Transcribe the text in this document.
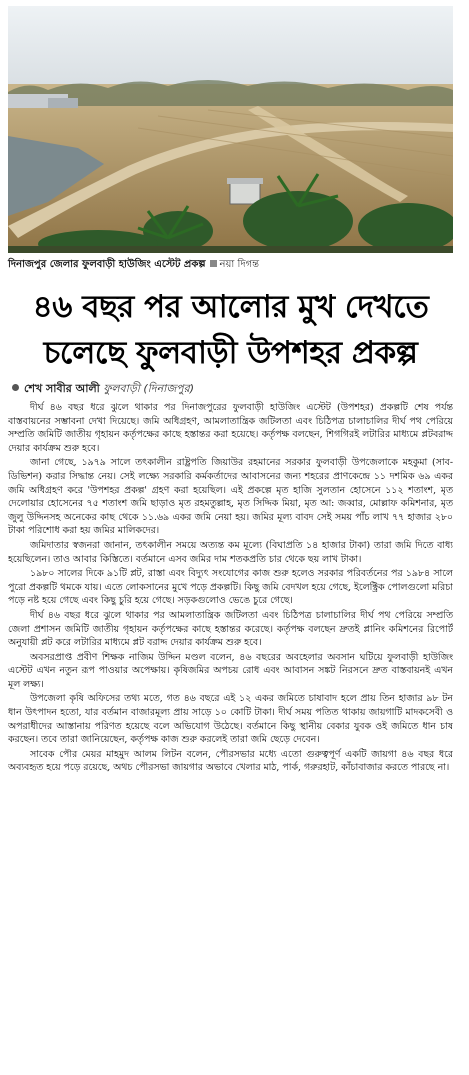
দিনাজপুর জেলার ফুলবাড়ী হাউজিং এস্টেট প্রকল্প নয়া দিগন্ত
৪৬ বছর পর আলোর মুখ দেখতে
চলেছে ফুলবাড়ী উপশহর প্রকল্প
শেখ সাবীর আলী ফুলবাড়ী (দিনাজপুর)

দীর্ঘ ৪৬ বছর ধরে ঝুলে থাকার পর দিনাজপুরের ফুলবাড়ী হাউজিং এস্টেট (উপশহর) প্রকল্পটি শেষ পর্যন্ত বাস্তবায়নের সম্ভাবনা দেখা দিয়েছে। জমি অধিগ্রহণ, আমলাতান্ত্রিক জটিলতা এবং চিঠিপত্র চালাচালির দীর্ঘ পথ পেরিয়ে সম্প্রতি জমিটি জাতীয় গৃহায়ন কর্তৃপক্ষের কাছে হস্তান্তর করা হয়েছে। কর্তৃপক্ষ বলছেন, শিগগিরই লটারির মাধ্যমে প্লটবরাদ্দ দেয়ার কার্যক্রম শুরু হবে।

জানা গেছে, ১৯৭৯ সালে তৎকালীন রাষ্ট্রপতি জিয়াউর রহমানের সরকার ফুলবাড়ী উপজেলাকে মহকুমা (সাব-ডিভিশন) করার সিদ্ধান্ত নেয়। সেই লক্ষ্যে সরকারি কর্মকর্তাদের আবাসনের জন্য শহরের প্রাণকেন্দ্রে ১১ দশমিক ৬৯ একর জমি অধিগ্রহণ করে 'উপশহর প্রকল্প' গ্রহণ করা হয়েছিল। এই প্রকল্পে মৃত হাজি সুলতান হোসেনে ১১২ শতাংশ, মৃত দেলোয়ার হোসেনের ৭৫ শতাংশ জমি ছাড়াও মৃত রহমতুল্লাহ, মৃত সিদ্দিক মিয়া, মৃত আ: জব্বার, মোল্লাফ কমিশনার, মৃত জুলু উদ্দিনসহ অনেকের কাছ থেকে ১১.৬৯ একর জমি নেয়া হয়। জমির মূল্য বাবদ সেই সময় পাঁচ লাখ ৭৭ হাজার ২৮০ টাকা পরিশোধ করা হয় জমির মালিকদের।

জমিদাতার স্বজনরা জানান, তৎকালীন সময়ে অত্যন্ত কম মূল্যে (বিঘাপ্রতি ১৪ হাজার টাকা) তারা জমি দিতে বাধ্য হয়েছিলেন। তাও আবার কিস্তিতে। বর্তমানে এসব জমির দাম শতকপ্রতি চার থেকে ছয় লাখ টাকা।

১৯৮০ সালের দিকে ৯১টি প্লট, রাস্তা এবং বিদ্যুৎ সংযোগের কাজ শুরু হলেও সরকার পরিবর্তনের পর ১৯৮৪ সালে পুরো প্রকল্পটি থমকে যায়। এতে লোকসানের মুখে পড়ে প্রকল্পটি। কিছু জমি বেদখল হয়ে গেছে, ইলেক্ট্রিক পোলগুলো মরিচা পড়ে নষ্ট হয়ে গেছে এবং কিছু চুরি হয়ে গেছে। সড়কগুলোও ভেঙে চুরে গেছে।

দীর্ঘ ৪৬ বছর ধরে ঝুলে থাকার পর আমলাতান্ত্রিক জটিলতা এবং চিঠিপত্র চালাচালির দীর্ঘ পথ পেরিয়ে সম্প্রতি জেলা প্রশাসন জমিটি জাতীয় গৃহায়ন কর্তৃপক্ষের কাছে হস্তান্তর করেছে। কর্তৃপক্ষ বলছেন দ্রুতই প্লানিং কমিশনের রিপোর্ট অনুযায়ী প্লট করে লটারির মাধ্যমে প্লট বরাদ্দ দেয়ার কার্যক্রম শুরু হবে।

অবসরপ্রাপ্ত প্রবীণ শিক্ষক নাজিম উদ্দিন মণ্ডল বলেন, ৪৬ বছরের অবহেলার অবসান ঘটিয়ে ফুলবাড়ী হাউজিং এস্টেট এখন নতুন রূপ পাওয়ার অপেক্ষায়। কৃষিজমির অপচয় রোধ এবং আবাসন সঙ্কট নিরসনে দ্রুত বাস্তবায়নই এখন মূল লক্ষ্য।

উপজেলা কৃষি অফিসের তথ্য মতে, গত ৪৬ বছরে এই ১২ একর জমিতে চাষাবাদ হলে প্রায় তিন হাজার ৯৮ টন ধান উৎপাদন হতো, যার বর্তমান বাজারমূল্য প্রায় সাড়ে ১০ কোটি টাকা। দীর্ঘ সময় পতিত থাকায় জায়গাটি মাদকসেবী ও অপরাধীদের আস্তানায় পরিণত হয়েছে বলে অভিযোগ উঠেছে। বর্তমানে কিছু স্থানীয় বেকার যুবক ওই জমিতে ধান চাষ করছেন। তবে তারা জানিয়েছেন, কর্তৃপক্ষ কাজ শুরু করলেই তারা জমি ছেড়ে দেবেন।

সাবেক পৌর মেয়র মাহমুদ আলম লিটন বলেন, পৌরসভার মধ্যে এতো গুরুত্বপূর্ণ একটি জায়গা ৪৬ বছর ধরে অব্যবহৃত হয়ে পড়ে রয়েছে, অথচ পৌরসভা জায়গার অভাবে খেলার মাঠ, পার্ক, গরুরহাট, কাঁচাবাজার করতে পারছে না।
